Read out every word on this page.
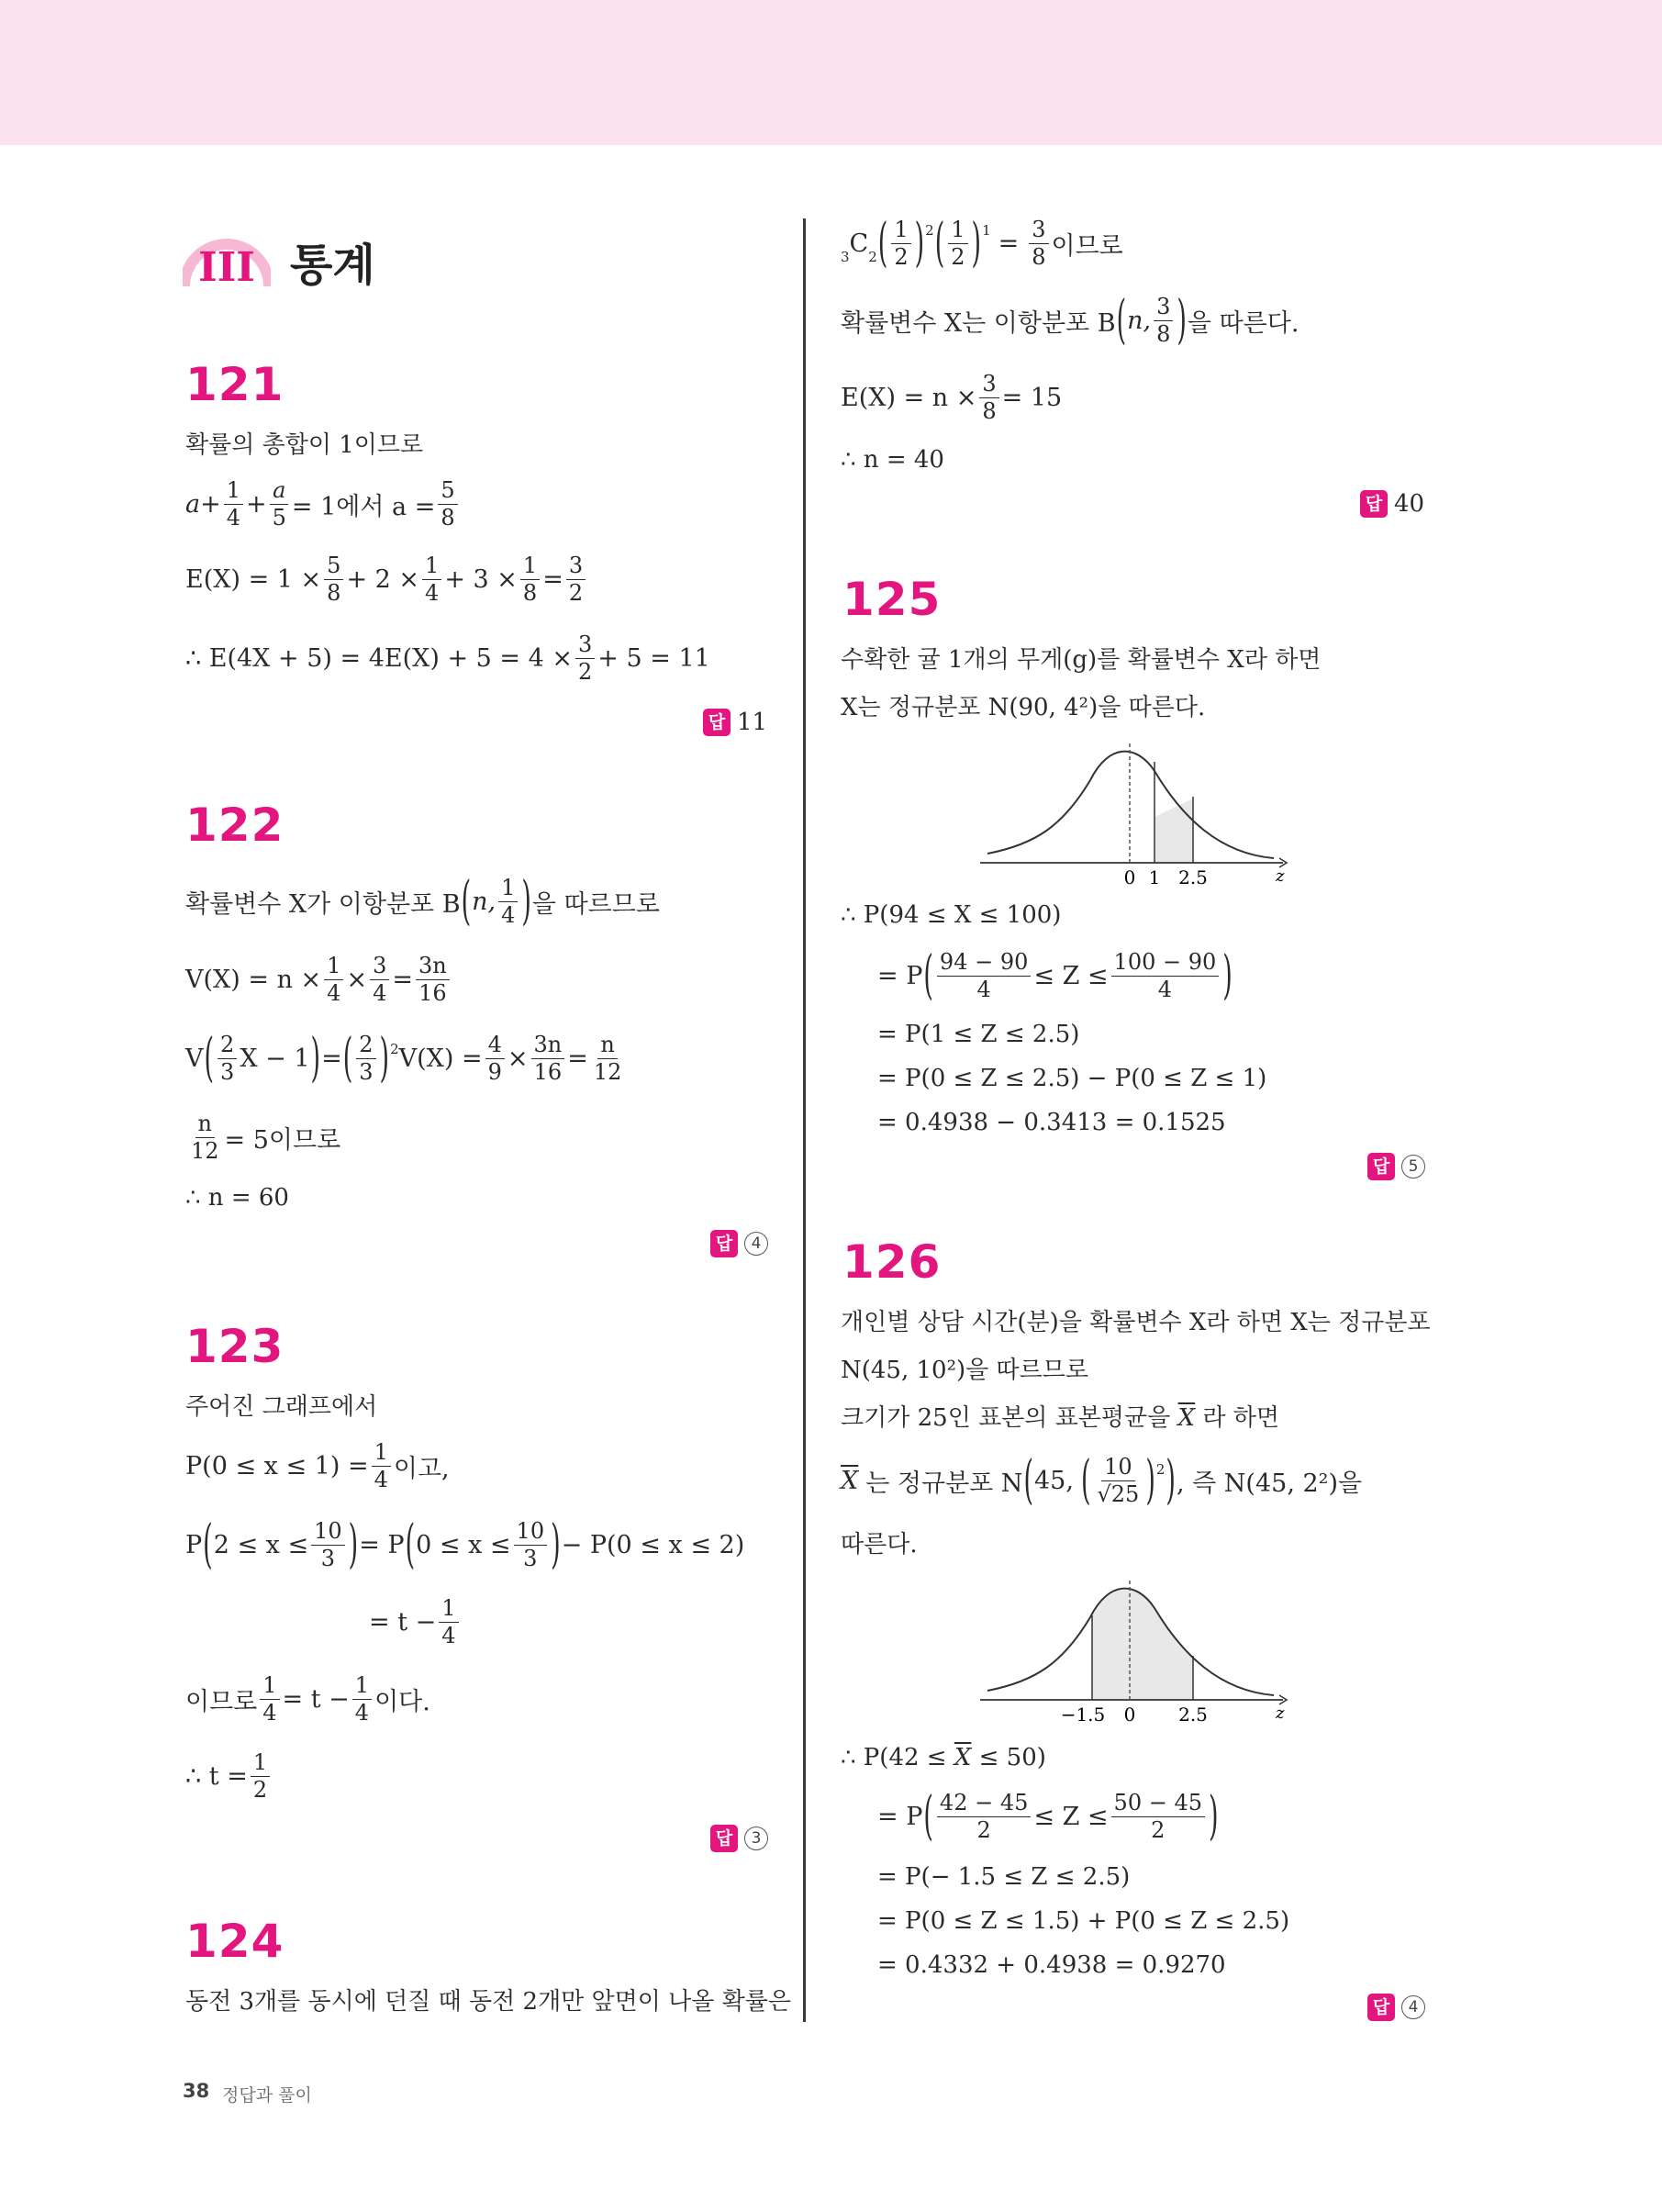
III 통계
121
확률의 총합이 1이므로
$a + \frac{1}{4} + \frac{a}{5} = 1$에서 $a = \frac{5}{8}$
$E(X) = 1 \times \frac{5}{8} + 2 \times \frac{1}{4} + 3 \times \frac{1}{8} = \frac{3}{2}$
∴ $E(4X + 5) = 4E(X) + 5 = 4 \times \frac{3}{2} + 5 = 11$
답 11
122
확률변수 X가 이항분포 B ( n,
1
4 ) 을 따르므로
$V(X) = n \times \frac{1}{4} \times \frac{3}{4} = \frac{3n}{16}$
V ( 2
3 X − 1 ) = ( 2
3 )$^2$ $V(X) = \frac{4}{9} \times \frac{3n}{16} = \frac{n}{12}$
$\frac{n}{12} = 5$이므로
∴ n = 60
답	4
123
주어진 그래프에서
$P(0 \le x \le 1) = \frac{1}{4}$ 이고,
P ( $2 \le x \le \frac{10}{3}$ ) = P ( $0 \le x \le \frac{10}{3}$ ) − P(0 ≤ x ≤ 2)
= $t - \frac{1}{4}$
이므로 $\frac{1}{4} = t - \frac{1}{4}$ 이다.
∴ $t = \frac{1}{2}$
답	3
124
동전 3개를 동시에 던질 때 동전 2개만 앞면이 나올 확률은
3 $C_2$ ( 1
2 )$^2$ ( 1
2 )$^1 = \frac{3}{8}$ 이므로
확률변수 X는 이항분포 B ( n,
3
8 ) 을 따른다.
$E(X) = n \times \frac{3}{8} = 15$
∴ n = 40
답 40
125
수확한 귤 1개의 무게(g)를 확률변수 X라 하면
X는 정규분포 N(90, 4²)을 따른다.
0 1 2.5	z
∴ P(94 ≤ X ≤ 100)
= P ( $\frac{94 - 90}{4} \le Z \le \frac{100 - 90}{4}$ )
= P(1 ≤ Z ≤ 2.5)
= P(0 ≤ Z ≤ 2.5) − P(0 ≤ Z ≤ 1)
= 0.4938 − 0.3413 = 0.1525
답	5
126
개인별 상담 시간(분)을 확률변수 X라 하면 X는 정규분포
N(45, 10²)을 따르므로
크기가 25인 표본의 표본평균을 $\overline{X}$ 라 하면
$\overline{X}$ 는 정규분포 N ( 45, ( 10
√25 )$^2$ ) , 즉 N(45, 2²)을
따른다.
−1.5 0 2.5	z
∴ $P(42 \le \overline{X} \le 50)$
= P ( $\frac{42 - 45}{2} \le Z \le \frac{50 - 45}{2}$ )
= P(− 1.5 ≤ Z ≤ 2.5)
= P(0 ≤ Z ≤ 1.5) + P(0 ≤ Z ≤ 2.5)
= 0.4332 + 0.4938 = 0.9270
답	4
38 정답과 풀이
